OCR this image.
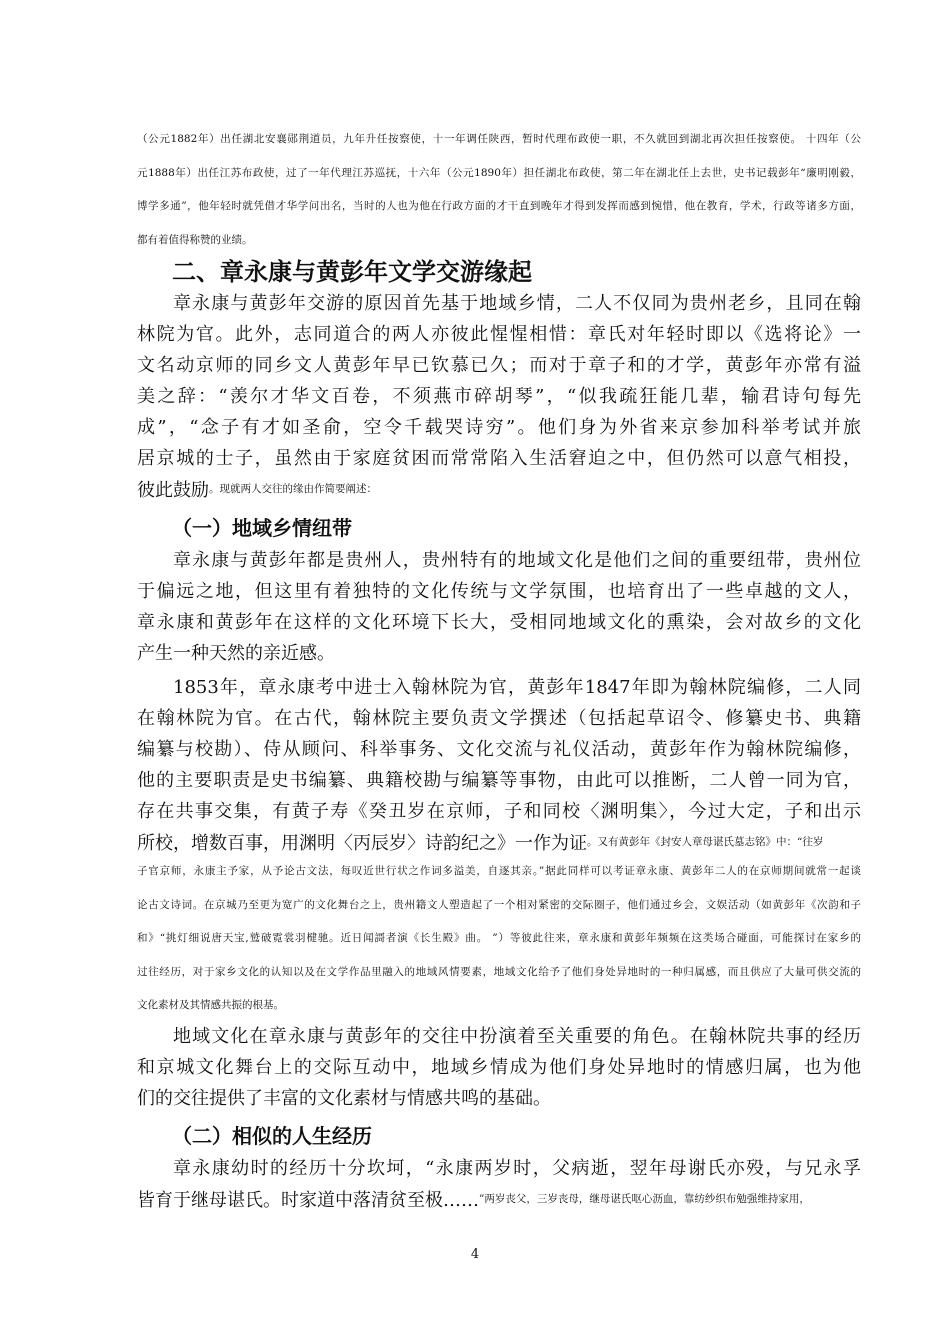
（公元1882年）出任湖北安襄郧荆道员，九年升任按察使，十一年调任陕西，暂时代理布政使一职，不久就回到湖北再次担任按察使。 十四年（公

元1888年）出任江苏布政使，过了一年代理江苏巡抚，十六年（公元1890年）担任湖北布政使，第二年在湖北任上去世，史书记载彭年“廉明刚毅，

博学多通”，他年轻时就凭借才华学问出名，当时的人也为他在行政方面的才干直到晚年才得到发挥而感到惋惜，他在教育，学术，行政等诸多方面，

都有着值得称赞的业绩。

二、章永康与黄彭年文学交游缘起
章永康与黄彭年交游的原因首先基于地域乡情，二人不仅同为贵州老乡，且同在翰
林院为官。此外，志同道合的两人亦彼此惺惺相惜：章氏对年轻时即以《选将论》一
文名动京师的同乡文人黄彭年早已钦慕已久；而对于章子和的才学，黄彭年亦常有溢
美之辞：“羡尔才华文百卷，不须燕市碎胡琴”，“似我疏狂能几辈，输君诗句每先
成”，“念子有才如圣俞，空令千载哭诗穷”。他们身为外省来京参加科举考试并旅
居京城的士子，虽然由于家庭贫困而常常陷入生活窘迫之中，但仍然可以意气相投，
彼此鼓励$^{。现就两人交往的缘由作简要阐述:}$
（一）地域乡情纽带
章永康与黄彭年都是贵州人，贵州特有的地域文化是他们之间的重要纽带，贵州位
于偏远之地，但这里有着独特的文化传统与文学氛围，也培育出了一些卓越的文人，
章永康和黄彭年在这样的文化环境下长大，受相同地域文化的熏染，会对故乡的文化
产生一种天然的亲近感。
1853年，章永康考中进士入翰林院为官，黄彭年1847年即为翰林院编修，二人同
在翰林院为官。在古代，翰林院主要负责文学撰述（包括起草诏令、修纂史书、典籍
编纂与校勘）、侍从顾问、科举事务、文化交流与礼仪活动，黄彭年作为翰林院编修，
他的主要职责是史书编纂、典籍校勘与编纂等事物，由此可以推断，二人曾一同为官，
存在共事交集，有黄子寿《癸丑岁在京师，子和同校〈渊明集〉，今过大定，子和出示
所校，增数百事，用渊明〈丙辰岁〉诗韵纪之》一作为证$^{。又有黄彭年《封安人章母谌氏墓志铭》中:“往岁}$

子官京师，永康主予家，从予论古文法，每叹近世行状之作词多溢美，自逐其亲。”据此同样可以考证章永康、黄彭年二人的在京师期间就常一起谈

论古文诗词。在京城乃至更为宽广的文化舞台之上，贵州籍文人塑造起了一个相对紧密的交际圈子，他们通过乡会，文娱活动（如黄彭年《次韵和子

和》“挑灯细说唐天宝,鹫破霓裳羽楗驰。近日闻謌者演《长生殿》曲。 ”）等彼此往来，章永康和黄彭年频频在这类场合碰面，可能探讨在家乡的

过往经历，对于家乡文化的认知以及在文学作品里融入的地域风情要素，地域文化给予了他们身处异地时的一种归属感，而且供应了大量可供交流的

文化素材及其情感共振的根基。

地域文化在章永康与黄彭年的交往中扮演着至关重要的角色。在翰林院共事的经历
和京城文化舞台上的交际互动中，地域乡情成为他们身处异地时的情感归属，也为他
们的交往提供了丰富的文化素材与情感共鸣的基础。
（二）相似的人生经历
章永康幼时的经历十分坎坷，“永康两岁时，父病逝，翌年母谢氏亦殁，与兄永孚
皆育于继母谌氏。时家道中落清贫至极……$^{”两岁丧父,三岁丧母,继母谌氏呕心沥血,靠纺纱织布勉强维持家用,}$

4
